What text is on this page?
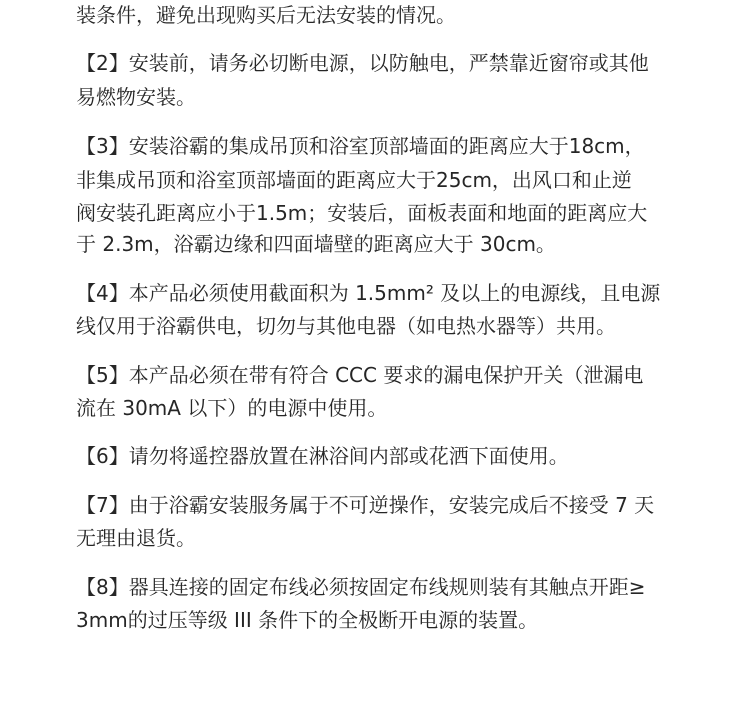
装条件，避免出现购买后无法安装的情况。
【2】安装前，请务必切断电源，以防触电，严禁靠近窗帘或其他
易燃物安装。
【3】安装浴霸的集成吊顶和浴室顶部墙面的距离应大于18cm，
非集成吊顶和浴室顶部墙面的距离应大于25cm，出风口和止逆
阀安装孔距离应小于1.5m；安装后，面板表面和地面的距离应大
于 2.3m，浴霸边缘和四面墙壁的距离应大于 30cm。
【4】本产品必须使用截面积为 1.5mm² 及以上的电源线，且电源
线仅用于浴霸供电，切勿与其他电器（如电热水器等）共用。
【5】本产品必须在带有符合 CCC 要求的漏电保护开关（泄漏电
流在 30mA 以下）的电源中使用。
【6】请勿将遥控器放置在淋浴间内部或花洒下面使用。
【7】由于浴霸安装服务属于不可逆操作，安装完成后不接受 7 天
无理由退货。
【8】器具连接的固定布线必须按固定布线规则装有其触点开距≥
3mm的过压等级 III 条件下的全极断开电源的装置。
